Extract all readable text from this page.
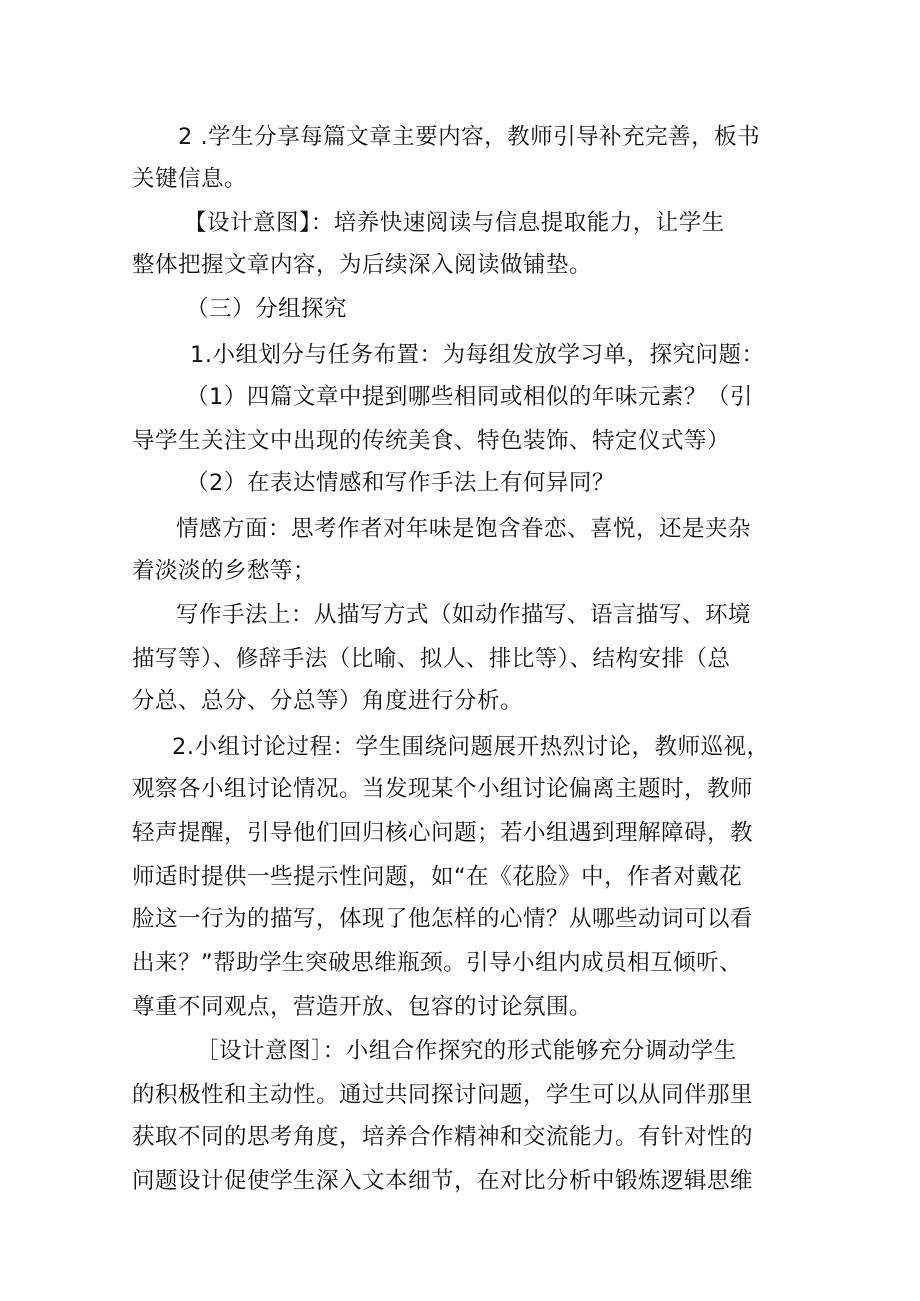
2 .学生分享每篇文章主要内容，教师引导补充完善，板书
关键信息。
【设计意图】：培养快速阅读与信息提取能力，让学生
整体把握文章内容，为后续深入阅读做铺垫。
（三）分组探究
1.小组划分与任务布置：为每组发放学习单，探究问题：
（1）四篇文章中提到哪些相同或相似的年味元素？（引
导学生关注文中出现的传统美食、特色装饰、特定仪式等）
（2）在表达情感和写作手法上有何异同？
情感方面：思考作者对年味是饱含眷恋、喜悦，还是夹杂
着淡淡的乡愁等；
写作手法上：从描写方式（如动作描写、语言描写、环境
描写等）、修辞手法（比喻、拟人、排比等）、结构安排（总
分总、总分、分总等）角度进行分析。
2.小组讨论过程：学生围绕问题展开热烈讨论，教师巡视，
观察各小组讨论情况。当发现某个小组讨论偏离主题时，教师
轻声提醒，引导他们回归核心问题；若小组遇到理解障碍，教
师适时提供一些提示性问题，如“在《花脸》中，作者对戴花
脸这一行为的描写，体现了他怎样的心情？从哪些动词可以看
出来？”帮助学生突破思维瓶颈。引导小组内成员相互倾听、
尊重不同观点，营造开放、包容的讨论氛围。
［设计意图］：小组合作探究的形式能够充分调动学生
的积极性和主动性。通过共同探讨问题，学生可以从同伴那里
获取不同的思考角度，培养合作精神和交流能力。有针对性的
问题设计促使学生深入文本细节，在对比分析中锻炼逻辑思维
